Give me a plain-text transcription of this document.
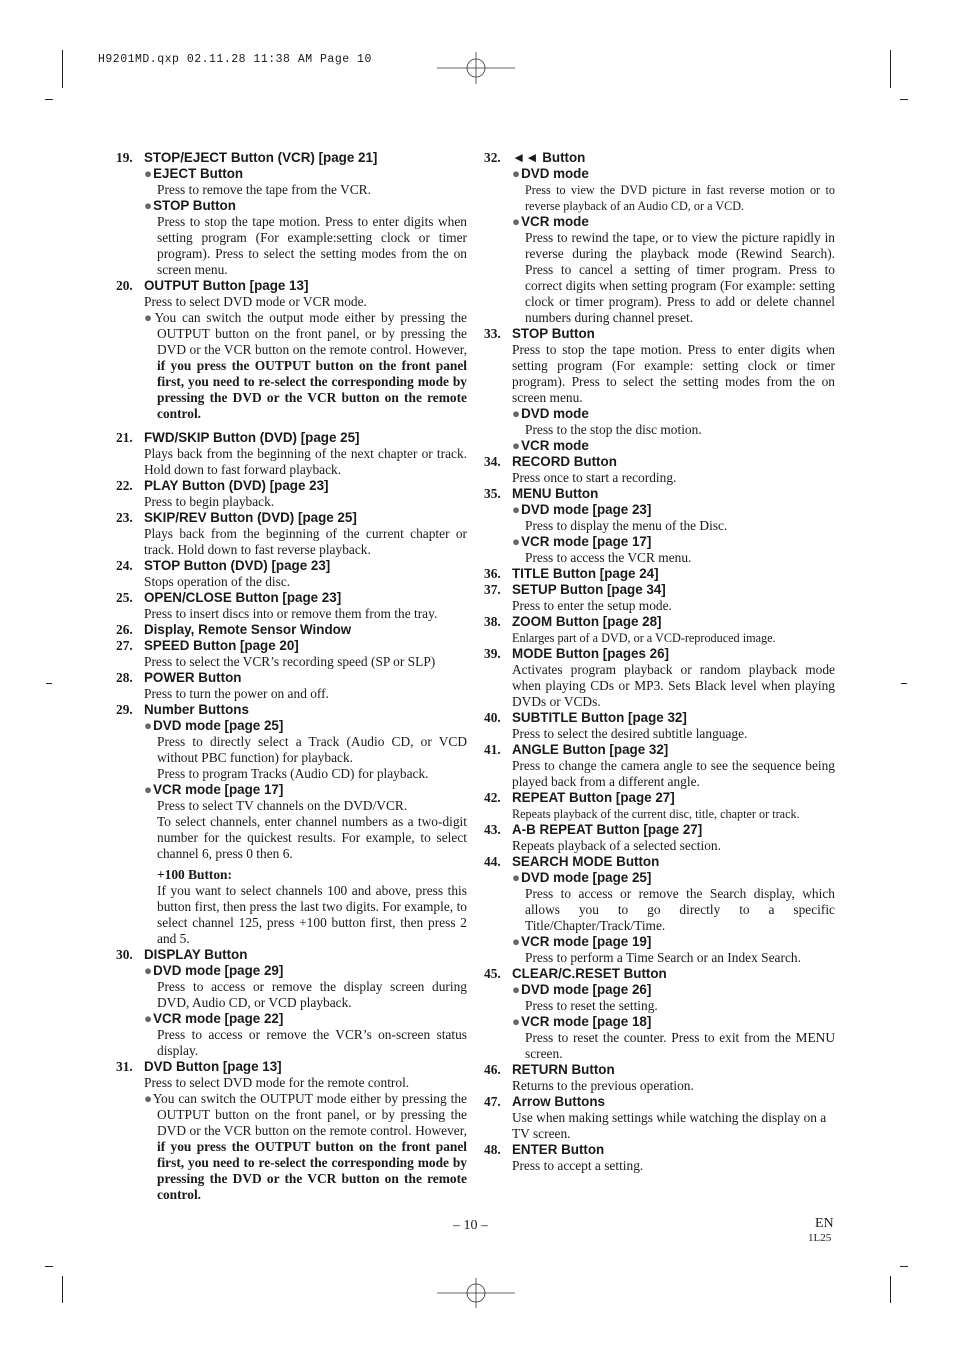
H9201MD.qxp 02.11.28 11:38 AM Page 10
19. STOP/EJECT Button (VCR) [page 21]
●EJECT Button
Press to remove the tape from the VCR.
●STOP Button
Press to stop the tape motion. Press to enter digits when setting program (For example:setting clock or timer program). Press to select the setting modes from the on screen menu.
20. OUTPUT Button [page 13]
Press to select DVD mode or VCR mode.
●You can switch the output mode either by pressing the OUTPUT button on the front panel, or by pressing the DVD or the VCR button on the remote control. However, if you press the OUTPUT button on the front panel first, you need to re-select the corresponding mode by pressing the DVD or the VCR button on the remote control.
21. FWD/SKIP Button (DVD) [page 25]
Plays back from the beginning of the next chapter or track. Hold down to fast forward playback.
22. PLAY Button (DVD) [page 23]
Press to begin playback.
23. SKIP/REV Button (DVD) [page 25]
Plays back from the beginning of the current chapter or track. Hold down to fast reverse playback.
24. STOP Button (DVD) [page 23]
Stops operation of the disc.
25. OPEN/CLOSE Button [page 23]
Press to insert discs into or remove them from the tray.
26. Display, Remote Sensor Window
27. SPEED Button [page 20]
Press to select the VCR’s recording speed (SP or SLP)
28. POWER Button
Press to turn the power on and off.
29. Number Buttons
●DVD mode [page 25]
Press to directly select a Track (Audio CD, or VCD without PBC function) for playback.
Press to program Tracks (Audio CD) for playback.
●VCR mode [page 17]
Press to select TV channels on the DVD/VCR.
To select channels, enter channel numbers as a two-digit number for the quickest results. For example, to select channel 6, press 0 then 6.
+100 Button:
If you want to select channels 100 and above, press this button first, then press the last two digits. For example, to select channel 125, press +100 button first, then press 2 and 5.
30. DISPLAY Button
●DVD mode [page 29]
Press to access or remove the display screen during DVD, Audio CD, or VCD playback.
●VCR mode [page 22]
Press to access or remove the VCR’s on-screen status display.
31. DVD Button [page 13]
Press to select DVD mode for the remote control.
●You can switch the OUTPUT mode either by pressing the OUTPUT button on the front panel, or by pressing the DVD or the VCR button on the remote control. However, if you press the OUTPUT button on the front panel first, you need to re-select the corresponding mode by pressing the DVD or the VCR button on the remote control.
32. ◄◄ Button
●DVD mode
Press to view the DVD picture in fast reverse motion or to reverse playback of an Audio CD, or a VCD.
●VCR mode
Press to rewind the tape, or to view the picture rapidly in reverse during the playback mode (Rewind Search). Press to cancel a setting of timer program. Press to correct digits when setting program (For example: setting clock or timer program). Press to add or delete channel numbers during channel preset.
33. STOP Button
Press to stop the tape motion. Press to enter digits when setting program (For example: setting clock or timer program). Press to select the setting modes from the on screen menu.
●DVD mode
Press to the stop the disc motion.
●VCR mode
34. RECORD Button
Press once to start a recording.
35. MENU Button
●DVD mode [page 23]
Press to display the menu of the Disc.
●VCR mode [page 17]
Press to access the VCR menu.
36. TITLE Button [page 24]
37. SETUP Button [page 34]
Press to enter the setup mode.
38. ZOOM Button [page 28]
Enlarges part of a DVD, or a VCD-reproduced image.
39. MODE Button [pages 26]
Activates program playback or random playback mode when playing CDs or MP3. Sets Black level when playing DVDs or VCDs.
40. SUBTITLE Button [page 32]
Press to select the desired subtitle language.
41. ANGLE Button [page 32]
Press to change the camera angle to see the sequence being played back from a different angle.
42. REPEAT Button [page 27]
Repeats playback of the current disc, title, chapter or track.
43. A-B REPEAT Button [page 27]
Repeats playback of a selected section.
44. SEARCH MODE Button
●DVD mode [page 25]
Press to access or remove the Search display, which allows you to go directly to a specific Title/Chapter/Track/Time.
●VCR mode [page 19]
Press to perform a Time Search or an Index Search.
45. CLEAR/C.RESET Button
●DVD mode [page 26]
Press to reset the setting.
●VCR mode [page 18]
Press to reset the counter. Press to exit from the MENU screen.
46. RETURN Button
Returns to the previous operation.
47. Arrow Buttons
Use when making settings while watching the display on a TV screen.
48. ENTER Button
Press to accept a setting.
– 10 –	EN
1L25
